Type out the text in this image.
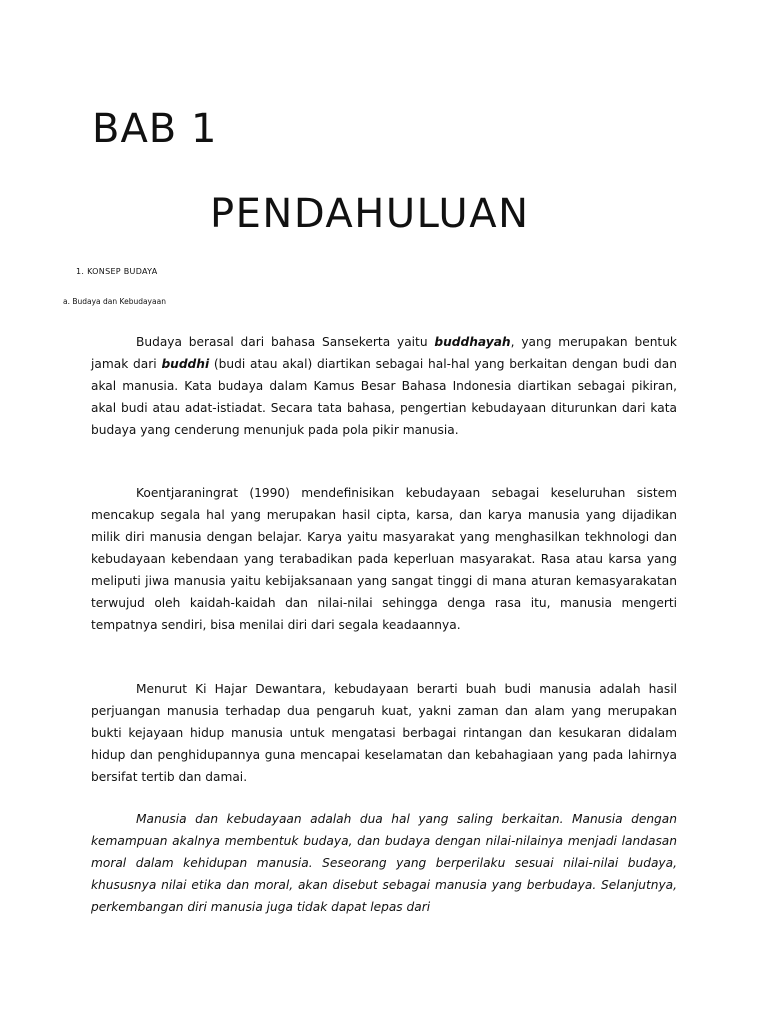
BAB 1
PENDAHULUAN
1. KONSEP BUDAYA
a. Budaya dan Kebudayaan

Budaya berasal dari bahasa Sansekerta yaitu buddhayah, yang merupakan bentuk jamak dari buddhi (budi atau akal) diartikan sebagai hal-hal yang berkaitan dengan budi dan akal manusia. Kata budaya dalam Kamus Besar Bahasa Indonesia diartikan sebagai pikiran, akal budi atau adat-istiadat. Secara tata bahasa, pengertian kebudayaan diturunkan dari kata budaya yang cenderung menunjuk pada pola pikir manusia.

Koentjaraningrat (1990) mendefinisikan kebudayaan sebagai keseluruhan sistem mencakup segala hal yang merupakan hasil cipta, karsa, dan karya manusia yang dijadikan milik diri manusia dengan belajar. Karya yaitu masyarakat yang menghasilkan tekhnologi dan kebudayaan kebendaan yang terabadikan pada keperluan masyarakat. Rasa atau karsa yang meliputi jiwa manusia yaitu kebijaksanaan yang sangat tinggi di mana aturan kemasyarakatan terwujud oleh kaidah-kaidah dan nilai-nilai sehingga denga rasa itu, manusia mengerti tempatnya sendiri, bisa menilai diri dari segala keadaannya.

Menurut Ki Hajar Dewantara, kebudayaan berarti buah budi manusia adalah hasil perjuangan manusia terhadap dua pengaruh kuat, yakni zaman dan alam yang merupakan bukti kejayaan hidup manusia untuk mengatasi berbagai rintangan dan kesukaran didalam hidup dan penghidupannya guna mencapai keselamatan dan kebahagiaan yang pada lahirnya bersifat tertib dan damai.

Manusia dan kebudayaan adalah dua hal yang saling berkaitan. Manusia dengan kemampuan akalnya membentuk budaya, dan budaya dengan nilai-nilainya menjadi landasan moral dalam kehidupan manusia. Seseorang yang berperilaku sesuai nilai-nilai budaya, khususnya nilai etika dan moral, akan disebut sebagai manusia yang berbudaya. Selanjutnya, perkembangan diri manusia juga tidak dapat lepas dari
